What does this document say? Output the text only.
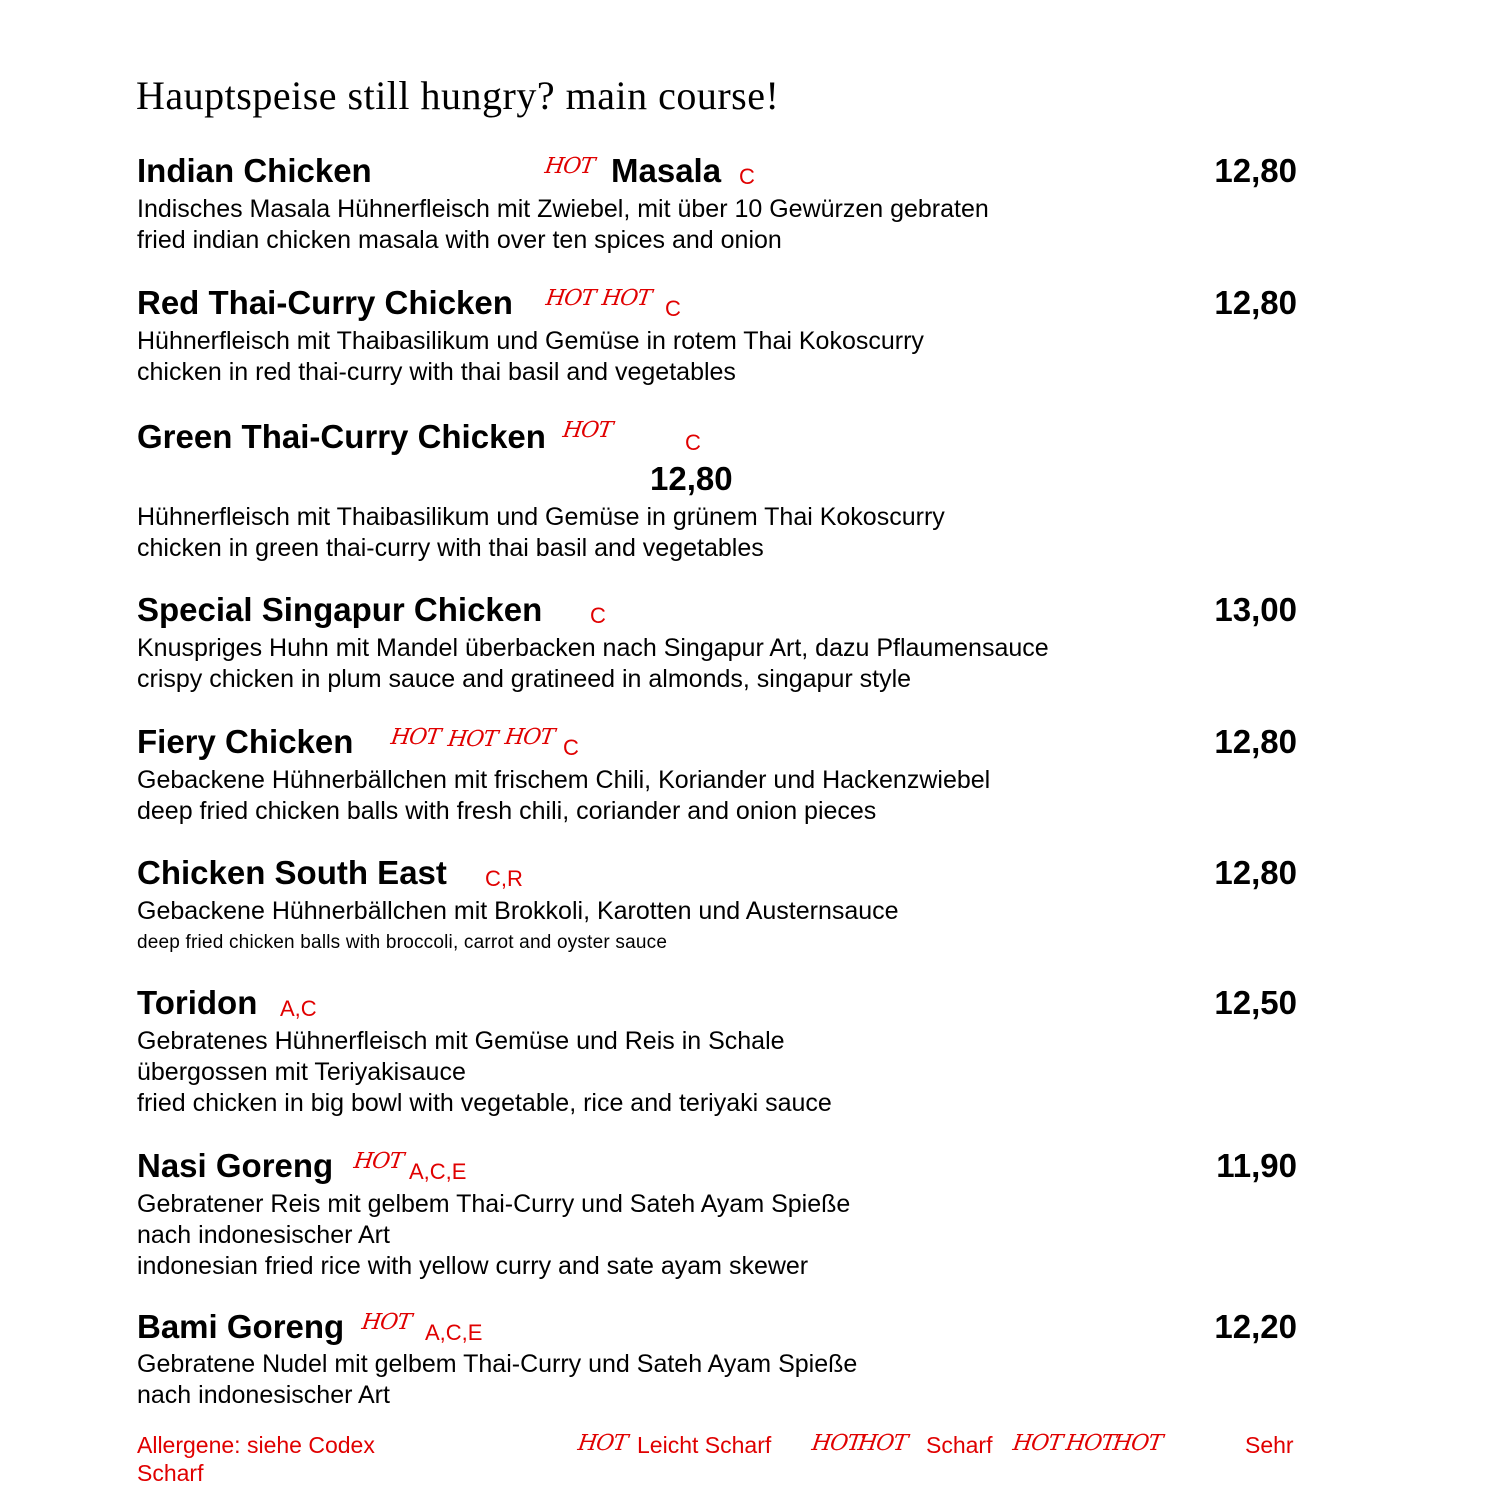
Hauptspeise still hungry? main course!
Indian Chicken	HOT Masala C	12,80
Indisches Masala Hühnerfleisch mit Zwiebel, mit über 10 Gewürzen gebraten
fried indian chicken masala with over ten spices and onion
Red Thai-Curry Chicken HOT HOT C	12,80
Hühnerfleisch mit Thaibasilikum und Gemüse in rotem Thai Kokoscurry
chicken in red thai-curry with thai basil and vegetables
Green Thai-Curry Chicken HOT	C
12,80
Hühnerfleisch mit Thaibasilikum und Gemüse in grünem Thai Kokoscurry
chicken in green thai-curry with thai basil and vegetables
Special Singapur Chicken C	13,00
Knuspriges Huhn mit Mandel überbacken nach Singapur Art, dazu Pflaumensauce
crispy chicken in plum sauce and gratineed in almonds, singapur style
Fiery Chicken HOT HOT HOT C	12,80
Gebackene Hühnerbällchen mit frischem Chili, Koriander und Hackenzwiebel
deep fried chicken balls with fresh chili, coriander and onion pieces
Chicken South East C,R	12,80
Gebackene Hühnerbällchen mit Brokkoli, Karotten und Austernsauce
deep fried chicken balls with broccoli, carrot and oyster sauce
Toridon A,C	12,50
Gebratenes Hühnerfleisch mit Gemüse und Reis in Schale
übergossen mit Teriyakisauce
fried chicken in big bowl with vegetable, rice and teriyaki sauce
Nasi Goreng HOT A,C,E	11,90
Gebratener Reis mit gelbem Thai-Curry und Sateh Ayam Spieße
nach indonesischer Art
indonesian fried rice with yellow curry and sate ayam skewer
Bami Goreng HOT A,C,E	12,20
Gebratene Nudel mit gelbem Thai-Curry und Sateh Ayam Spieße
nach indonesischer Art
Allergene: siehe Codex	HOT Leicht Scharf HOT
HOT Scharf HOT HOT
HOT	Sehr
Scharf
